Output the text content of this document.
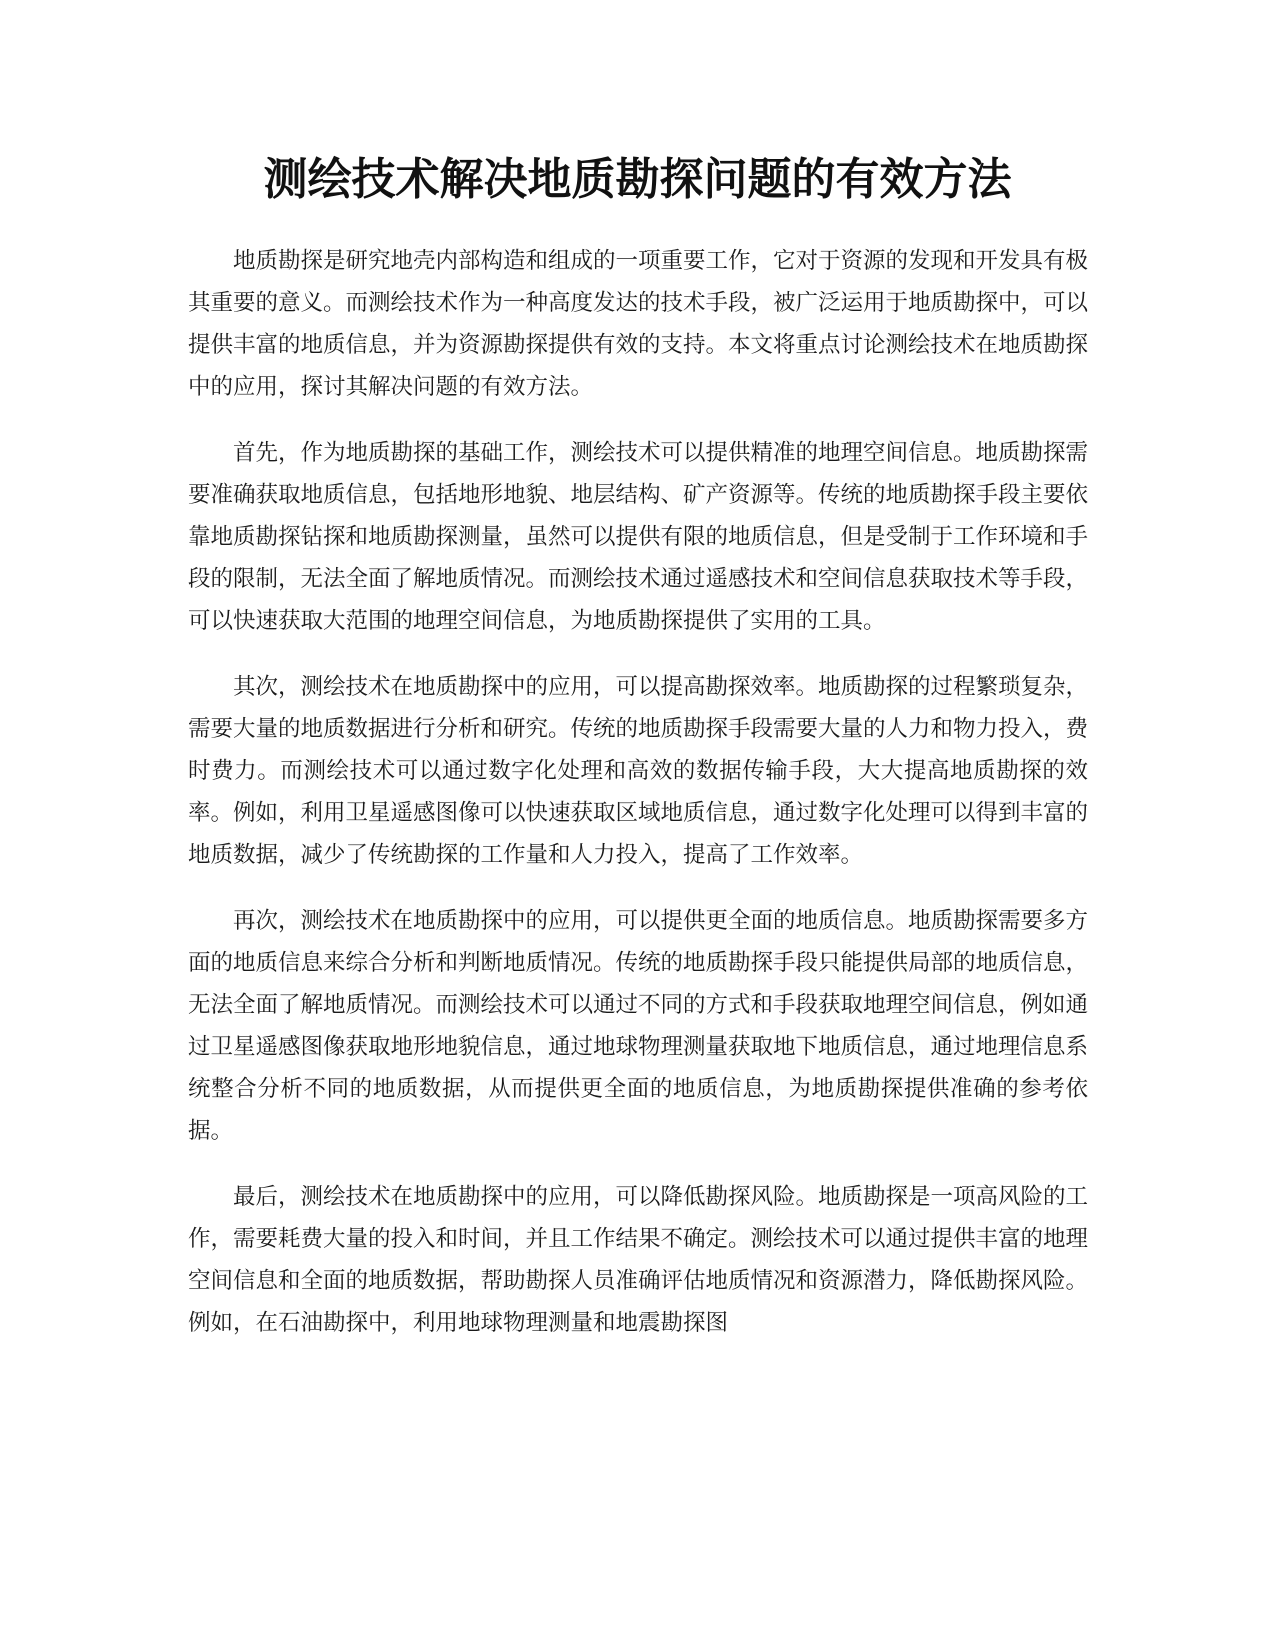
测绘技术解决地质勘探问题的有效方法

地质勘探是研究地壳内部构造和组成的一项重要工作，它对于资源的发现和开发具有极其重要的意义。而测绘技术作为一种高度发达的技术手段，被广泛运用于地质勘探中，可以提供丰富的地质信息，并为资源勘探提供有效的支持。本文将重点讨论测绘技术在地质勘探中的应用，探讨其解决问题的有效方法。

首先，作为地质勘探的基础工作，测绘技术可以提供精准的地理空间信息。地质勘探需要准确获取地质信息，包括地形地貌、地层结构、矿产资源等。传统的地质勘探手段主要依靠地质勘探钻探和地质勘探测量，虽然可以提供有限的地质信息，但是受制于工作环境和手段的限制，无法全面了解地质情况。而测绘技术通过遥感技术和空间信息获取技术等手段，可以快速获取大范围的地理空间信息，为地质勘探提供了实用的工具。

其次，测绘技术在地质勘探中的应用，可以提高勘探效率。地质勘探的过程繁琐复杂，需要大量的地质数据进行分析和研究。传统的地质勘探手段需要大量的人力和物力投入，费时费力。而测绘技术可以通过数字化处理和高效的数据传输手段，大大提高地质勘探的效率。例如，利用卫星遥感图像可以快速获取区域地质信息，通过数字化处理可以得到丰富的地质数据，减少了传统勘探的工作量和人力投入，提高了工作效率。

再次，测绘技术在地质勘探中的应用，可以提供更全面的地质信息。地质勘探需要多方面的地质信息来综合分析和判断地质情况。传统的地质勘探手段只能提供局部的地质信息，无法全面了解地质情况。而测绘技术可以通过不同的方式和手段获取地理空间信息，例如通过卫星遥感图像获取地形地貌信息，通过地球物理测量获取地下地质信息，通过地理信息系统整合分析不同的地质数据，从而提供更全面的地质信息，为地质勘探提供准确的参考依据。

最后，测绘技术在地质勘探中的应用，可以降低勘探风险。地质勘探是一项高风险的工作，需要耗费大量的投入和时间，并且工作结果不确定。测绘技术可以通过提供丰富的地理空间信息和全面的地质数据，帮助勘探人员准确评估地质情况和资源潜力，降低勘探风险。例如，在石油勘探中，利用地球物理测量和地震勘探图
